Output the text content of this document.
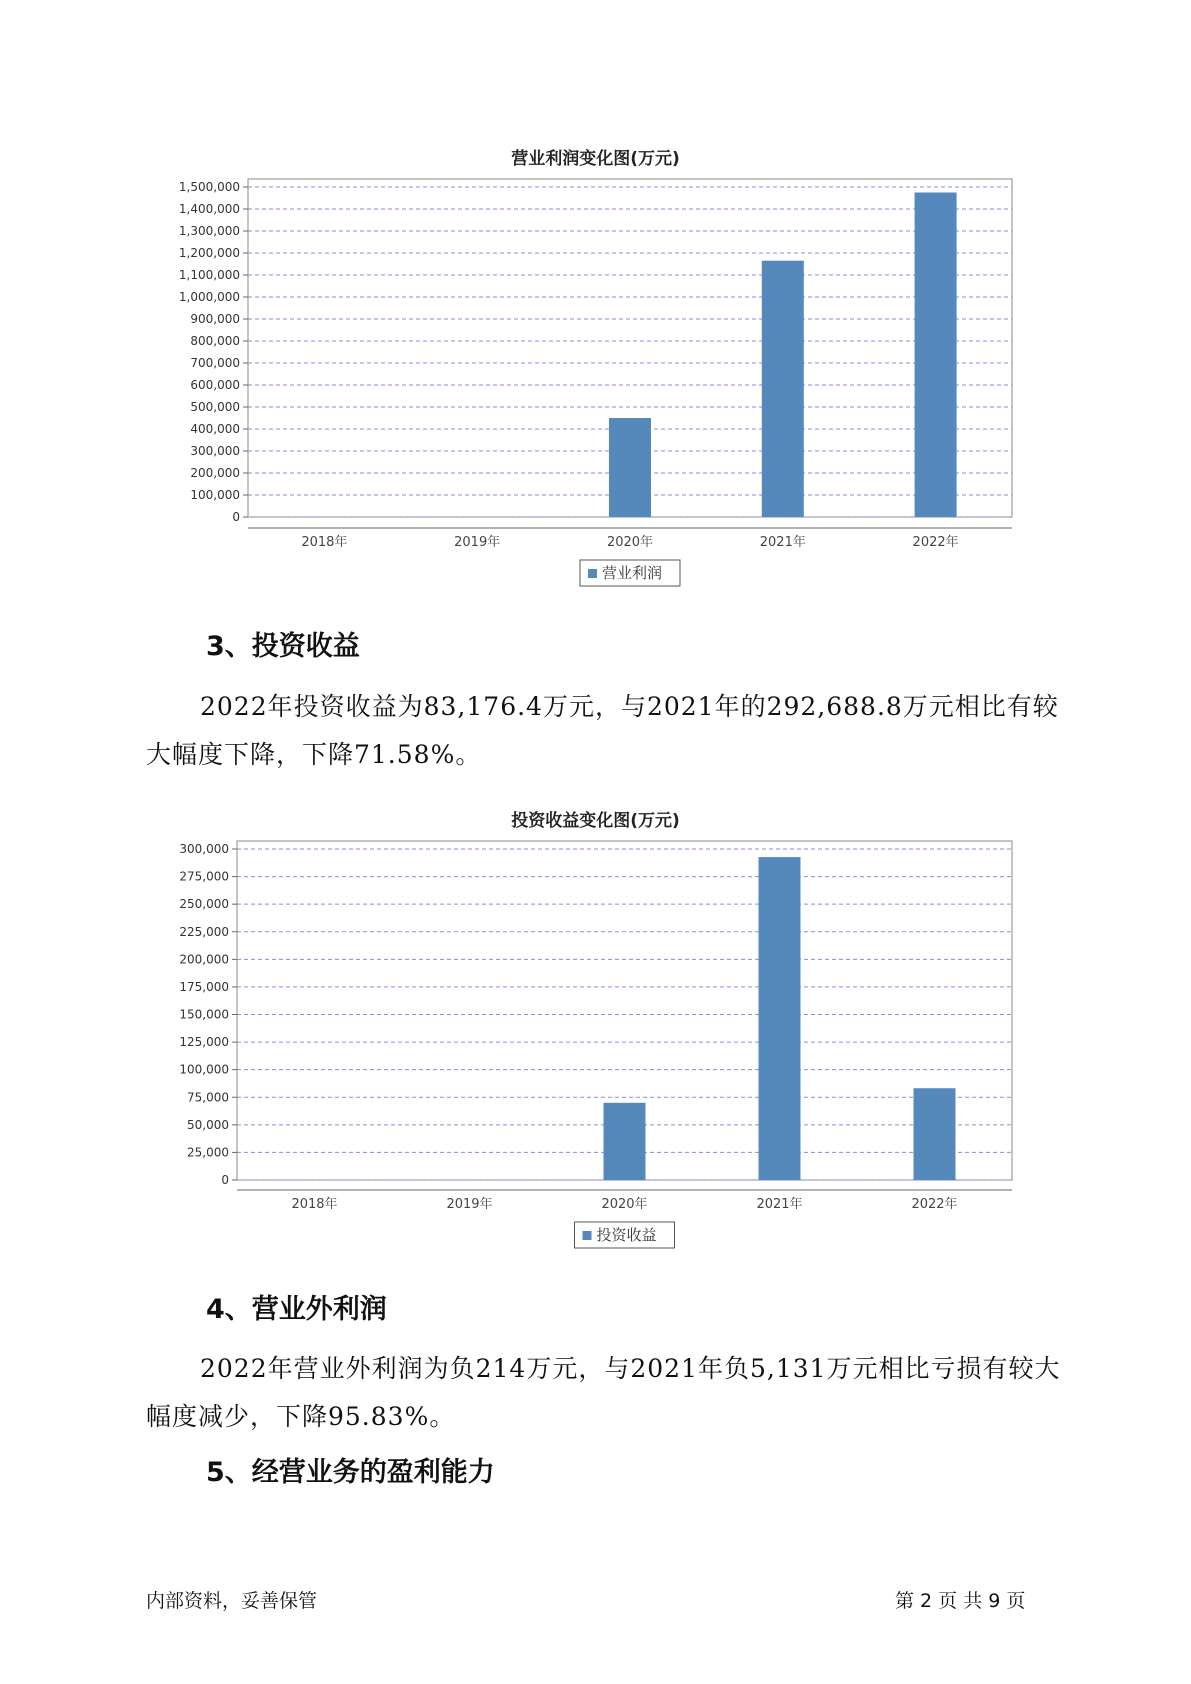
营业利润变化图(万元)
0
100,000
200,000
300,000
400,000
500,000
600,000
700,000
800,000
900,000
1,000,000
1,100,000
1,200,000
1,300,000
1,400,000
1,500,000
2018年	2019年	2020年	2021年	2022年
营业利润
3、投资收益
2022年投资收益为83,176.4万元，与2021年的292,688.8万元相比有较大幅度下降，下降71.58%。
投资收益变化图(万元)
0
25,000
50,000
75,000
100,000
125,000
150,000
175,000
200,000
225,000
250,000
275,000
300,000
2018年	2019年	2020年	2021年	2022年
投资收益
4、营业外利润
2022年营业外利润为负214万元，与2021年负5,131万元相比亏损有较大幅度减少，下降95.83%。
5、经营业务的盈利能力
内部资料，妥善保管	第 2 页 共 9 页
